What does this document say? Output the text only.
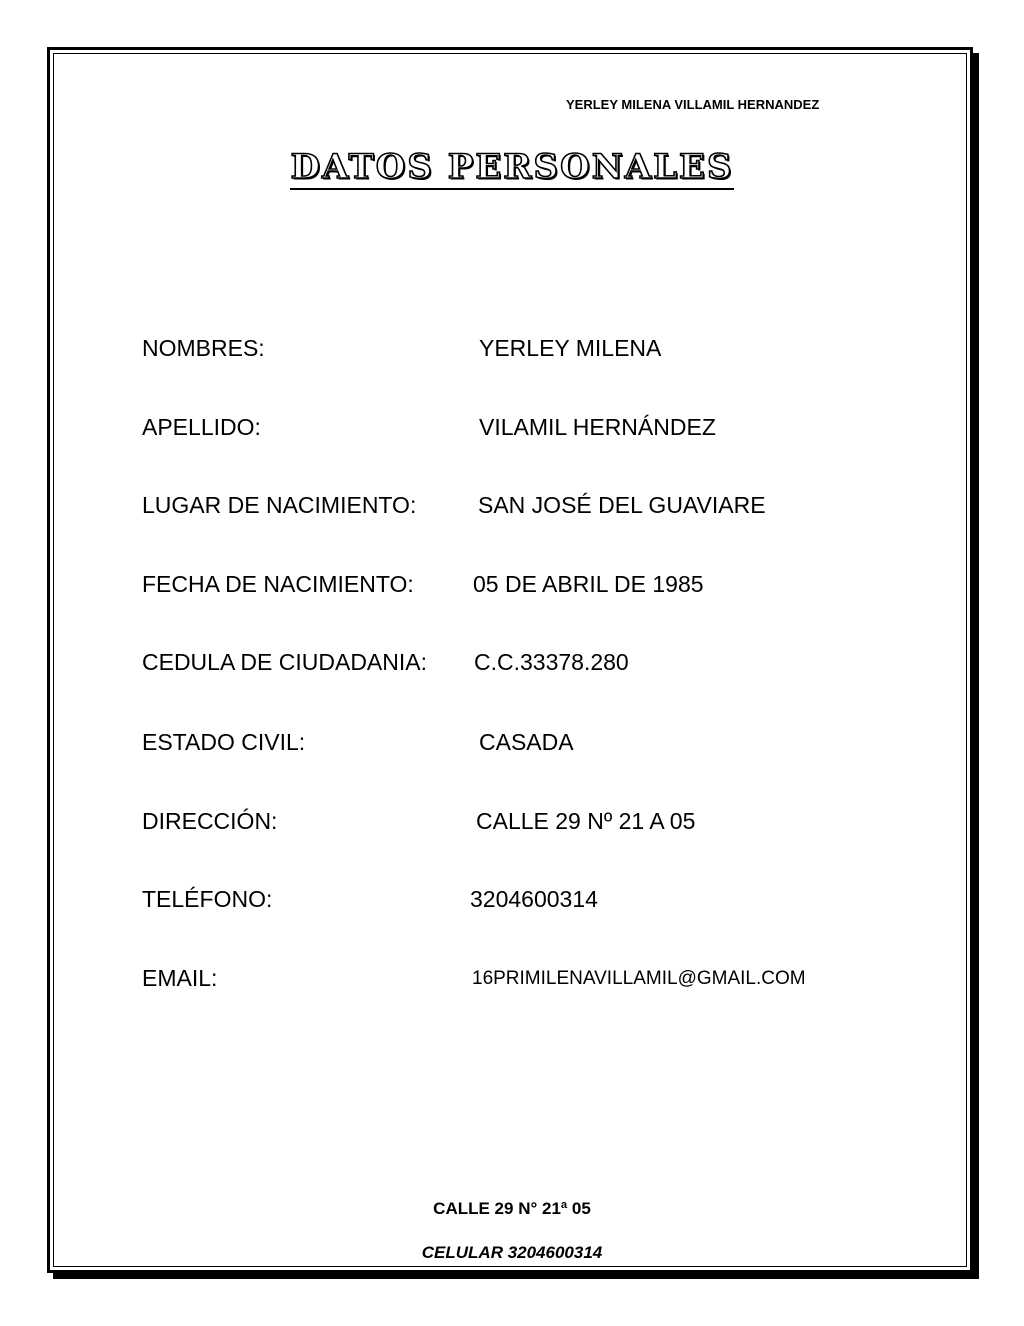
YERLEY MILENA VILLAMIL HERNANDEZ
DATOS PERSONALES
NOMBRES:	YERLEY MILENA
APELLIDO:	VILAMIL HERNÁNDEZ
LUGAR DE NACIMIENTO:	SAN JOSÉ DEL GUAVIARE
FECHA DE NACIMIENTO:	05 DE ABRIL DE 1985
CEDULA DE CIUDADANIA: C.C.33378.280
ESTADO CIVIL:	CASADA
DIRECCIÓN:	CALLE 29 Nº 21 A 05
TELÉFONO:	3204600314
EMAIL:	16PRIMILENAVILLAMIL@GMAIL.COM
CALLE 29 N° 21ª 05
CELULAR 3204600314
